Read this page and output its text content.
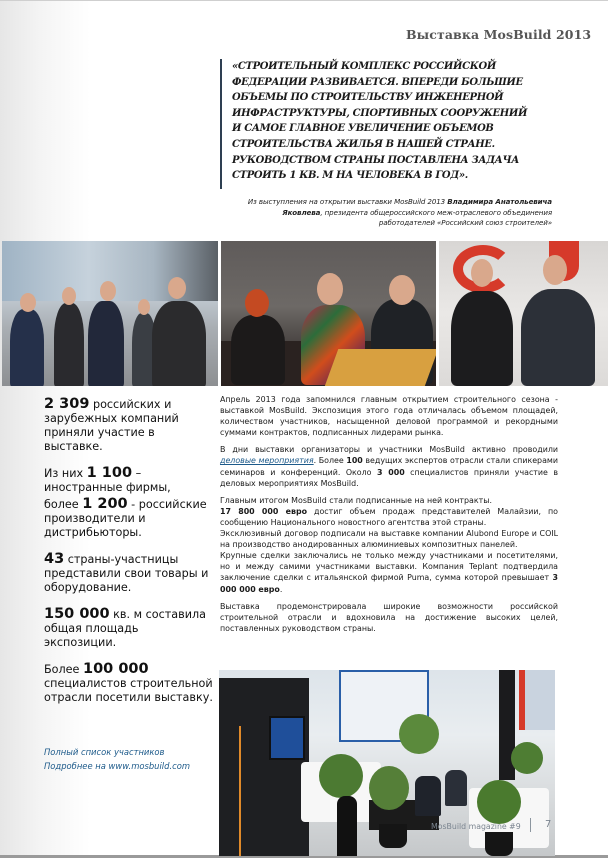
Выставка MosBuild 2013
«СТРОИТЕЛЬНЫЙ КОМПЛЕКС РОССИЙСКОЙ
ФЕДЕРАЦИИ РАЗВИВАЕТСЯ. ВПЕРЕДИ БОЛЬШИЕ
ОБЪЕМЫ ПО СТРОИТЕЛЬСТВУ ИНЖЕНЕРНОЙ
ИНФРАСТРУКТУРЫ, СПОРТИВНЫХ СООРУЖЕНИЙ
И САМОЕ ГЛАВНОЕ УВЕЛИЧЕНИЕ ОБЪЕМОВ
СТРОИТЕЛЬСТВА ЖИЛЬЯ В НАШЕЙ СТРАНЕ.
РУКОВОДСТВОМ СТРАНЫ ПОСТАВЛЕНА ЗАДАЧА
СТРОИТЬ 1 КВ. М НА ЧЕЛОВЕКА В ГОД».
Из выступления на открытии выставки MosBuild 2013 Владимира Анатольевича Яковлева, президента общероссийского меж-отраслевого объединения работодателей «Российский союз строителей»
2 309 российских и зарубежных компаний приняли участие в выставке.
Из них 1 100 – иностранные фирмы,
более 1 200 - российские производители и дистрибьюторы.
43 страны-участницы представили свои товары и оборудование.
150 000 кв. м составила общая площадь экспозиции.
Более 100 000 специалистов строительной отрасли посетили выставку.
Полный список участников
Подробнее на www.mosbuild.com

Апрель 2013 года запомнился главным открытием строительного сезона - выставкой MosBuild. Экспозиция этого года отличалась объемом площадей, количеством участников, насыщенной деловой программой и рекордными суммами контрактов, подписанных лидерами рынка.

В дни выставки организаторы и участники MosBuild активно проводили деловые мероприятия. Более 100 ведущих экспертов отрасли стали спикерами семинаров и конференций. Около 3 000 специалистов приняли участие в деловых мероприятиях MosBuild.

Главным итогом MosBuild стали подписанные на ней контракты.

17 800 000 евро достиг объем продаж представителей Малайзии, по сообщению Национального новостного агентства этой страны.

Эксклюзивный договор подписали на выставке компании Alubond Europe и COIL на производство анодированных алюминиевых композитных панелей.

Крупные сделки заключались не только между участниками и посетителями, но и между самими участниками выставки. Компания Teplant подтвердила заключение сделки с итальянской фирмой Puma, сумма которой превышает 3 000 000 евро.

Выставка продемонстрировала широкие возможности российской строительной отрасли и вдохновила на достижение высоких целей, поставленных руководством страны.

MosBuild magazine #9 7
